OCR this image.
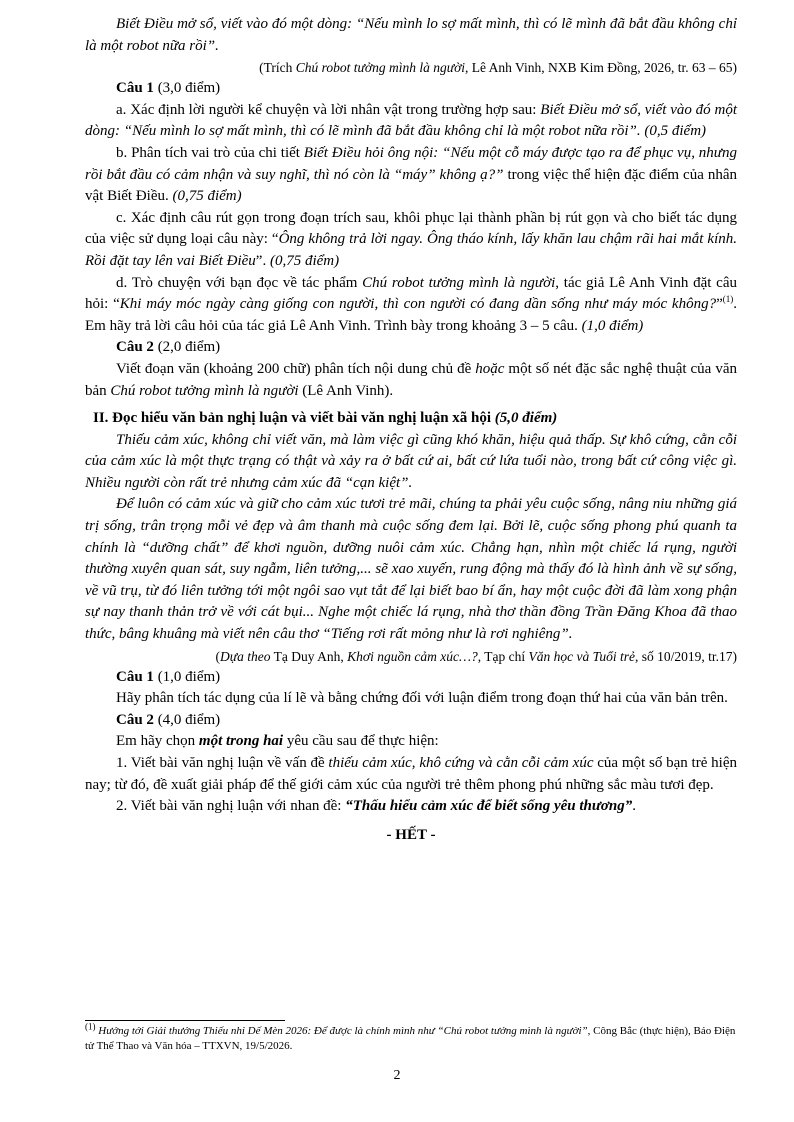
Biết Điều mở sổ, viết vào đó một dòng: “Nếu mình lo sợ mất mình, thì có lẽ mình đã bắt đầu không chỉ là một robot nữa rồi”.

(Trích Chú robot tưởng mình là người, Lê Anh Vinh, NXB Kim Đồng, 2026, tr. 63 – 65)

Câu 1 (3,0 điểm)

a. Xác định lời người kể chuyện và lời nhân vật trong trường hợp sau: Biết Điều mở sổ, viết vào đó một dòng: “Nếu mình lo sợ mất mình, thì có lẽ mình đã bắt đầu không chỉ là một robot nữa rồi”. (0,5 điểm)

b. Phân tích vai trò của chi tiết Biết Điều hỏi ông nội: “Nếu một cỗ máy được tạo ra để phục vụ, nhưng rồi bắt đầu có cảm nhận và suy nghĩ, thì nó còn là “máy” không ạ?” trong việc thể hiện đặc điểm của nhân vật Biết Điều. (0,75 điểm)

c. Xác định câu rút gọn trong đoạn trích sau, khôi phục lại thành phần bị rút gọn và cho biết tác dụng của việc sử dụng loại câu này: “Ông không trả lời ngay. Ông tháo kính, lấy khăn lau chậm rãi hai mắt kính. Rồi đặt tay lên vai Biết Điều”. (0,75 điểm)

d. Trò chuyện với bạn đọc về tác phẩm Chú robot tưởng mình là người, tác giả Lê Anh Vinh đặt câu hỏi: “Khi máy móc ngày càng giống con người, thì con người có đang dần sống như máy móc không?”$^{(1)}$. Em hãy trả lời câu hỏi của tác giả Lê Anh Vinh. Trình bày trong khoảng 3 – 5 câu. (1,0 điểm)

Câu 2 (2,0 điểm)

Viết đoạn văn (khoảng 200 chữ) phân tích nội dung chủ đề hoặc một số nét đặc sắc nghệ thuật của văn bản Chú robot tưởng mình là người (Lê Anh Vinh).

II. Đọc hiểu văn bản nghị luận và viết bài văn nghị luận xã hội (5,0 điểm)

Thiếu cảm xúc, không chỉ viết văn, mà làm việc gì cũng khó khăn, hiệu quả thấp. Sự khô cứng, cằn cỗi của cảm xúc là một thực trạng có thật và xảy ra ở bất cứ ai, bất cứ lứa tuổi nào, trong bất cứ công việc gì. Nhiều người còn rất trẻ nhưng cảm xúc đã “cạn kiệt”.

Để luôn có cảm xúc và giữ cho cảm xúc tươi trẻ mãi, chúng ta phải yêu cuộc sống, nâng niu những giá trị sống, trân trọng mỗi vẻ đẹp và âm thanh mà cuộc sống đem lại. Bởi lẽ, cuộc sống phong phú quanh ta chính là “dưỡng chất” để khơi nguồn, dưỡng nuôi cảm xúc. Chẳng hạn, nhìn một chiếc lá rụng, người thường xuyên quan sát, suy ngẫm, liên tưởng,... sẽ xao xuyến, rung động mà thấy đó là hình ảnh về sự sống, về vũ trụ, từ đó liên tưởng tới một ngôi sao vụt tắt để lại biết bao bí ẩn, hay một cuộc đời đã làm xong phận sự nay thanh thản trở về với cát bụi... Nghe một chiếc lá rụng, nhà thơ thần đồng Trần Đăng Khoa đã thao thức, bâng khuâng mà viết nên câu thơ “Tiếng rơi rất mỏng như là rơi nghiêng”.

(Dựa theo Tạ Duy Anh, Khơi nguồn cảm xúc…?, Tạp chí Văn học và Tuổi trẻ, số 10/2019, tr.17)

Câu 1 (1,0 điểm)

Hãy phân tích tác dụng của lí lẽ và bằng chứng đối với luận điểm trong đoạn thứ hai của văn bản trên.

Câu 2 (4,0 điểm)

Em hãy chọn một trong hai yêu cầu sau để thực hiện:

1. Viết bài văn nghị luận về vấn đề thiếu cảm xúc, khô cứng và cằn cỗi cảm xúc của một số bạn trẻ hiện nay; từ đó, đề xuất giải pháp để thế giới cảm xúc của người trẻ thêm phong phú những sắc màu tươi đẹp.

2. Viết bài văn nghị luận với nhan đề: “Thấu hiểu cảm xúc để biết sống yêu thương”.

- HẾT -

$^{(1)}$ Hướng tới Giải thưởng Thiếu nhi Dế Mèn 2026: Để được là chính mình như “Chú robot tưởng mình là người”, Công Bắc (thực hiện), Báo Điện tử Thể Thao và Văn hóa – TTXVN, 19/5/2026.
2
